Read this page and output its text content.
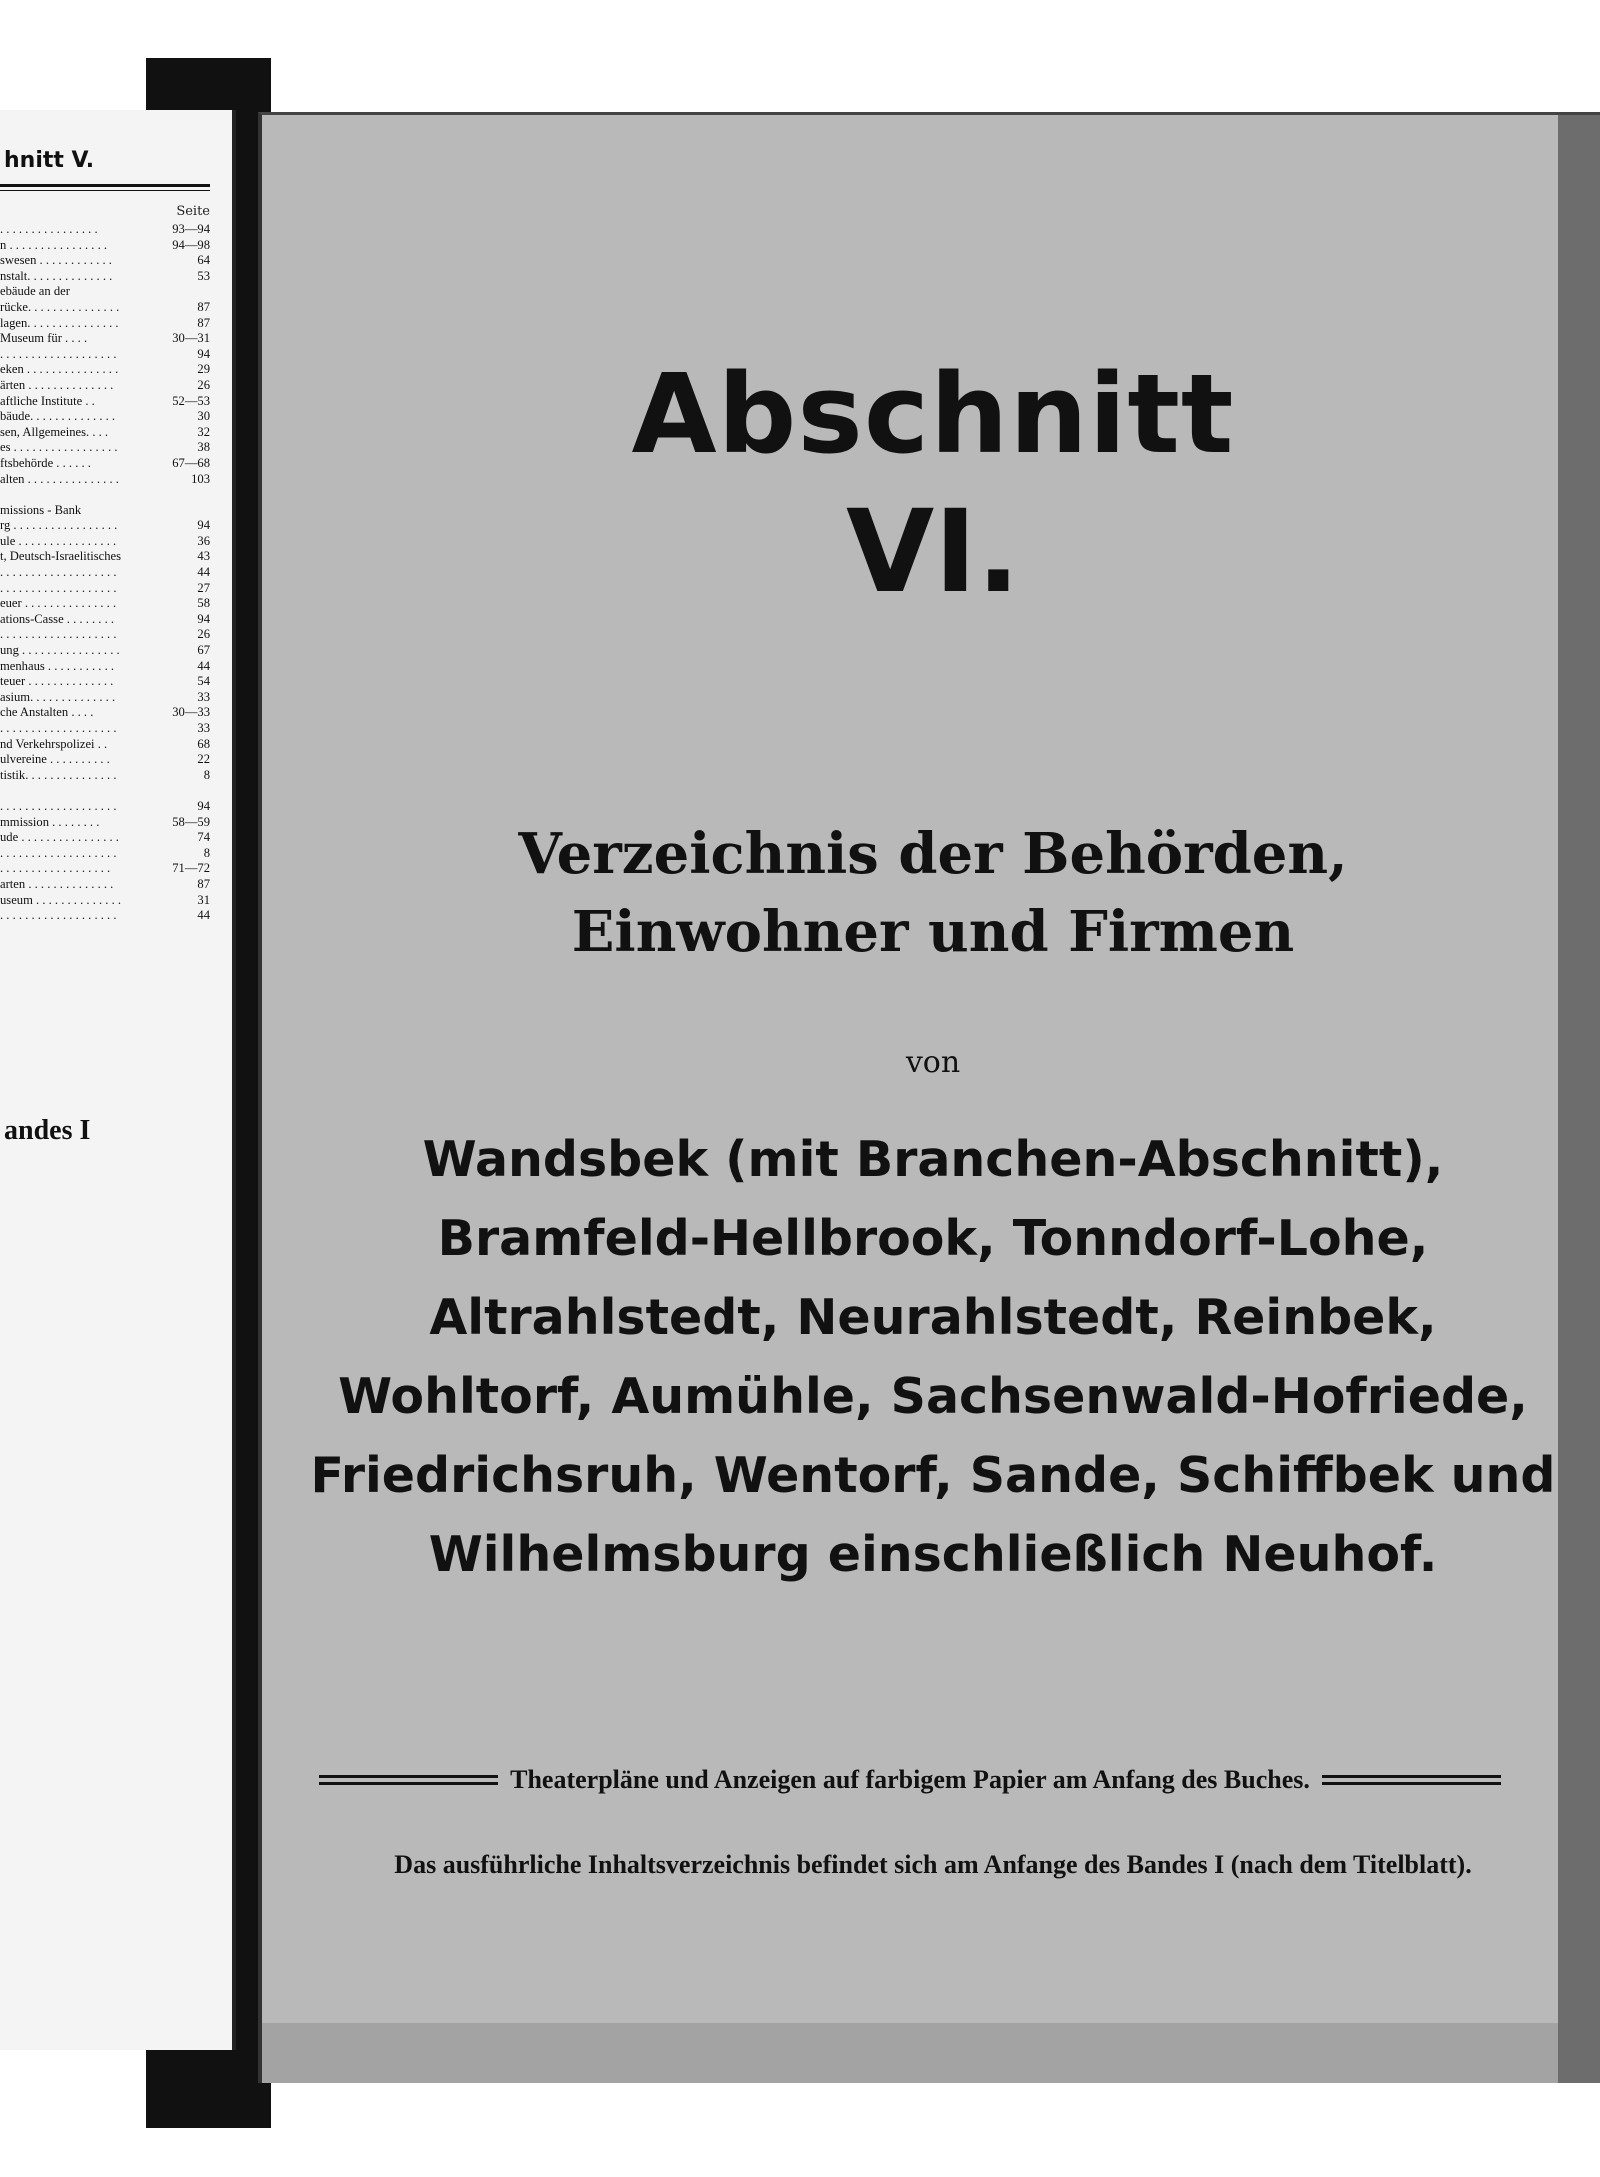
hnitt V.
Seite
. . . . . . . . . . . . . . . .	93—94
n . . . . . . . . . . . . . . . .	94—98
swesen . . . . . . . . . . . .	64
nstalt. . . . . . . . . . . . . .	53
ebäude an der
rücke. . . . . . . . . . . . . . .	87
lagen. . . . . . . . . . . . . . .	87
Museum für . . . .	30—31
. . . . . . . . . . . . . . . . . . .	94
eken . . . . . . . . . . . . . . .	29
ärten . . . . . . . . . . . . . .	26
aftliche Institute . .	52—53
bäude. . . . . . . . . . . . . .	30
sen, Allgemeines. . . .	32
es . . . . . . . . . . . . . . . . .	38
ftsbehörde . . . . . .	67—68
alten . . . . . . . . . . . . . . .	103
missions - Bank
rg . . . . . . . . . . . . . . . . .	94
ule . . . . . . . . . . . . . . . .	36
t, Deutsch-Israelitisches	43
. . . . . . . . . . . . . . . . . . .	44
. . . . . . . . . . . . . . . . . . .	27
euer . . . . . . . . . . . . . . .	58
ations-Casse . . . . . . . .	94
. . . . . . . . . . . . . . . . . . .	26
ung . . . . . . . . . . . . . . . .	67
menhaus . . . . . . . . . . .	44
teuer . . . . . . . . . . . . . .	54
asium. . . . . . . . . . . . . .	33
che Anstalten . . . .	30—33
. . . . . . . . . . . . . . . . . . .	33
nd Verkehrspolizei . .	68
ulvereine . . . . . . . . . .	22
tistik. . . . . . . . . . . . . . .	8
. . . . . . . . . . . . . . . . . . .	94
mmission . . . . . . . .	58—59
ude . . . . . . . . . . . . . . . .	74
. . . . . . . . . . . . . . . . . . .	8
. . . . . . . . . . . . . . . . . .	71—72
arten . . . . . . . . . . . . . .	87
useum . . . . . . . . . . . . . .	31
. . . . . . . . . . . . . . . . . . .	44
andes I
Abschnitt
VI.
Verzeichnis der Behörden,
Einwohner und Firmen
von
Wandsbek (mit Branchen-Abschnitt),
Bramfeld-Hellbrook, Tonndorf-Lohe,
Altrahlstedt, Neurahlstedt, Reinbek,
Wohltorf, Aumühle, Sachsenwald-Hofriede,
Friedrichsruh, Wentorf, Sande, Schiffbek und
Wilhelmsburg einschließlich Neuhof.
Theaterpläne und Anzeigen auf farbigem Papier am Anfang des Buches.
Das ausführliche Inhaltsverzeichnis befindet sich am Anfange des Bandes I (nach dem Titelblatt).
